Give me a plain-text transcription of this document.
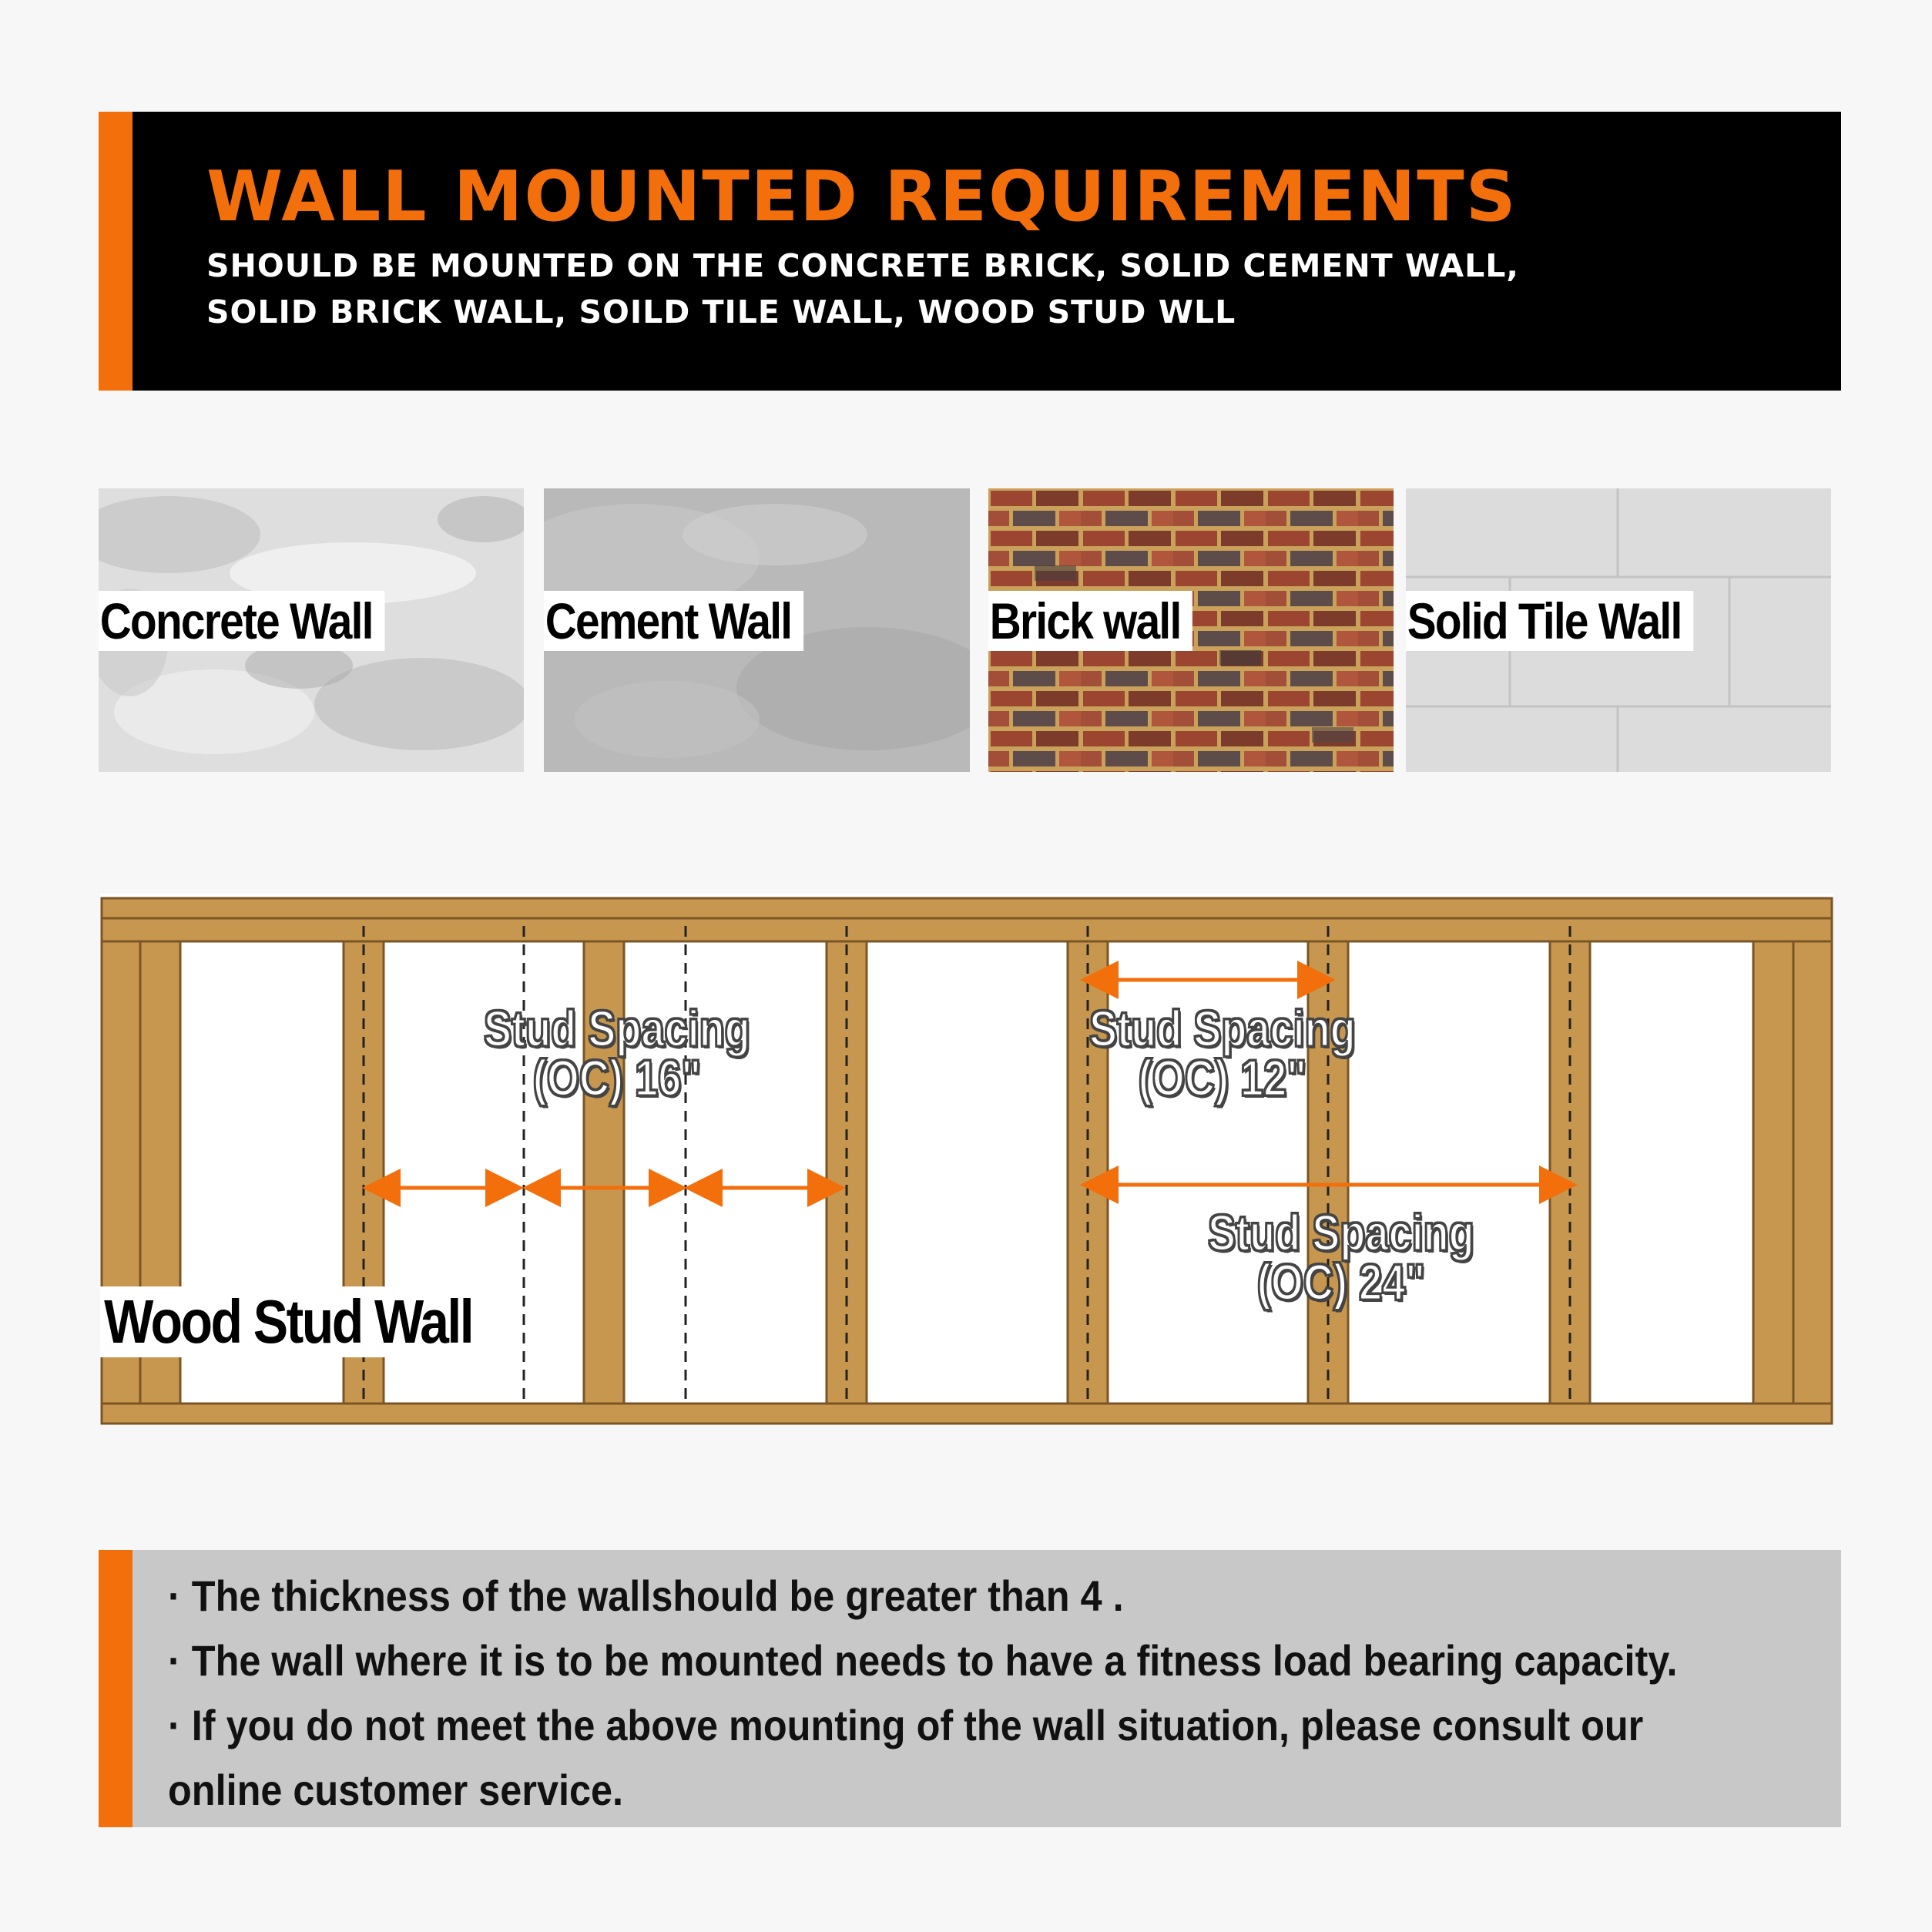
WALL MOUNTED REQUIREMENTS

SHOULD BE MOUNTED ON THE CONCRETE BRICK, SOLID CEMENT WALL,
SOLID BRICK WALL, SOILD TILE WALL, WOOD STUD WLL

Concrete Wall	Cement Wall	Brick wall	Solid Tile Wall
Stud Spacing
(OC) 16"
Stud Spacing
(OC) 12"
Stud Spacing
(OC) 24"
Wood Stud Wall
· The thickness of the wallshould be greater than 4 .
· The wall where it is to be mounted needs to have a fitness load bearing capacity.
· If you do not meet the above mounting of the wall situation, please consult our
online customer service.
